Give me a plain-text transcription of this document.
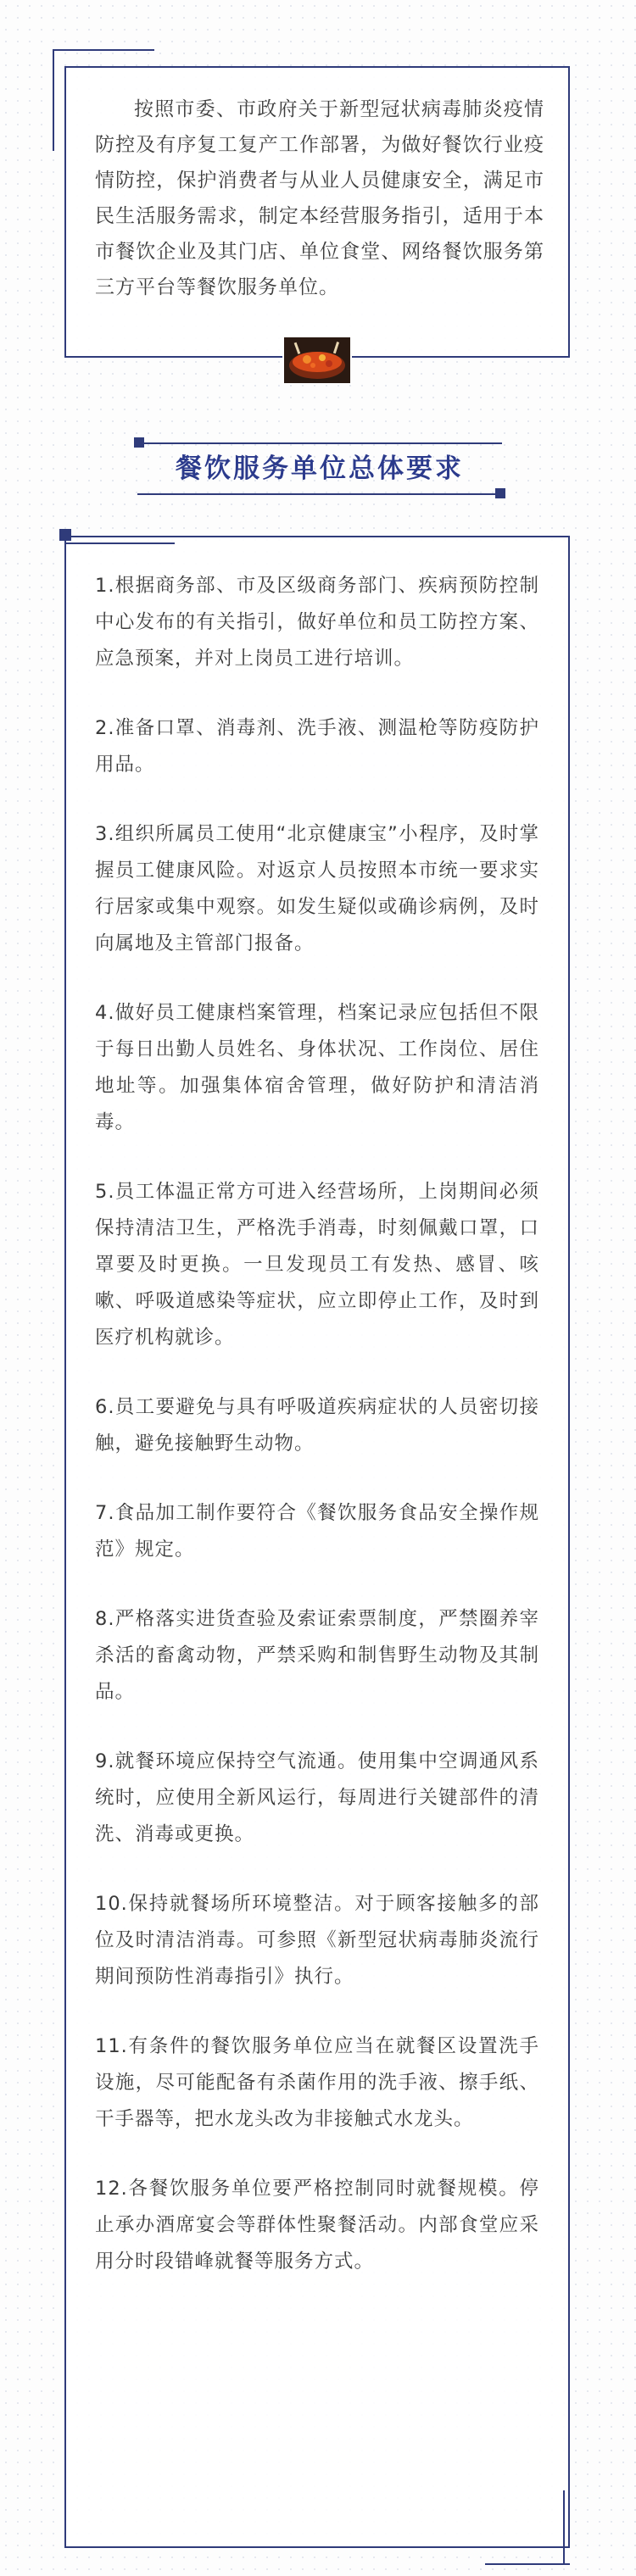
按照市委、市政府关于新型冠状病毒肺炎疫情防控及有序复工复产工作部署，为做好餐饮行业疫情防控，保护消费者与从业人员健康安全，满足市民生活服务需求，制定本经营服务指引，适用于本市餐饮企业及其门店、单位食堂、网络餐饮服务第三方平台等餐饮服务单位。

餐饮服务单位总体要求
1.根据商务部、市及区级商务部门、疾病预防控制中心发布的有关指引，做好单位和员工防控方案、应急预案，并对上岗员工进行培训。
2.准备口罩、消毒剂、洗手液、测温枪等防疫防护用品。
3.组织所属员工使用“北京健康宝”小程序，及时掌握员工健康风险。对返京人员按照本市统一要求实行居家或集中观察。如发生疑似或确诊病例，及时向属地及主管部门报备。
4.做好员工健康档案管理，档案记录应包括但不限于每日出勤人员姓名、身体状况、工作岗位、居住地址等。加强集体宿舍管理，做好防护和清洁消毒。
5.员工体温正常方可进入经营场所，上岗期间必须保持清洁卫生，严格洗手消毒，时刻佩戴口罩，口罩要及时更换。一旦发现员工有发热、感冒、咳嗽、呼吸道感染等症状，应立即停止工作，及时到医疗机构就诊。
6.员工要避免与具有呼吸道疾病症状的人员密切接触，避免接触野生动物。
7.食品加工制作要符合《餐饮服务食品安全操作规范》规定。
8.严格落实进货查验及索证索票制度，严禁圈养宰杀活的畜禽动物，严禁采购和制售野生动物及其制品。
9.就餐环境应保持空气流通。使用集中空调通风系统时，应使用全新风运行，每周进行关键部件的清洗、消毒或更换。
10.保持就餐场所环境整洁。对于顾客接触多的部位及时清洁消毒。可参照《新型冠状病毒肺炎流行期间预防性消毒指引》执行。
11.有条件的餐饮服务单位应当在就餐区设置洗手设施，尽可能配备有杀菌作用的洗手液、擦手纸、干手器等，把水龙头改为非接触式水龙头。
12.各餐饮服务单位要严格控制同时就餐规模。停止承办酒席宴会等群体性聚餐活动。内部食堂应采用分时段错峰就餐等服务方式。
